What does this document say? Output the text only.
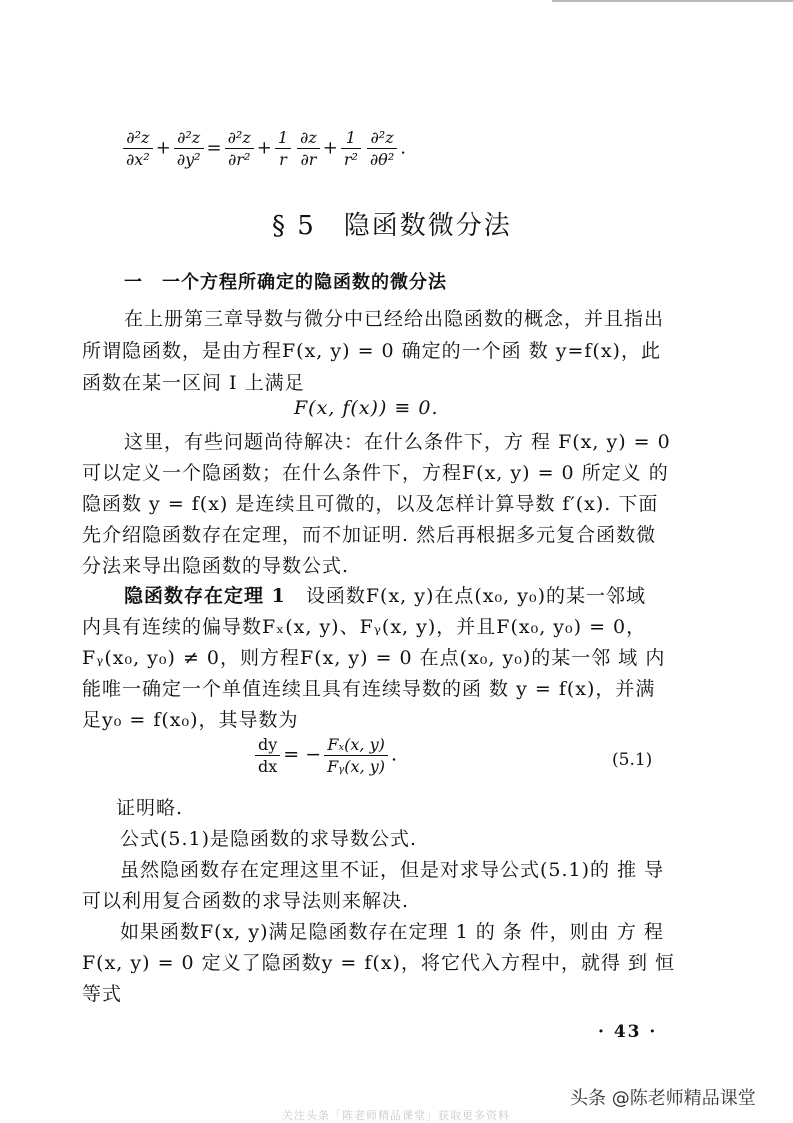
$\frac{\text{∂²z}}{\text{∂x²}} + \frac{\text{∂²z}}{\text{∂y²}} = \frac{\text{∂²z}}{\text{∂r²}} + \frac{1}{r} \frac{\partial z}{\partial r} + \frac{1}{\text{r²}} \frac{\text{∂²z}}{\text{∂θ²}}$ .
§ 5　隐函数微分法
一　一个方程所确定的隐函数的微分法
在上册第三章导数与微分中已经给出隐函数的概念，并且指出
所谓隐函数，是由方程F(x, y) = 0 确定的一个函 数 y=f(x)，此
函数在某一区间 I 上满足
F(x, f(x)) ≡ 0.
这里，有些问题尚待解决：在什么条件下，方 程 F(x, y) = 0
可以定义一个隐函数；在什么条件下，方程F(x, y) = 0 所定义 的
隐函数 y = f(x) 是连续且可微的，以及怎样计算导数 f′(x). 下面
先介绍隐函数存在定理，而不加证明. 然后再根据多元复合函数微
分法来导出隐函数的导数公式.
隐函数存在定理 1　 设函数F(x, y)在点(x₀, y₀)的某一邻域
内具有连续的偏导数Fₓ(x, y)、Fᵧ(x, y)，并且F(x₀, y₀) = 0，
Fᵧ(x₀, y₀) ≠ 0，则方程F(x, y) = 0 在点(x₀, y₀)的某一邻 域 内
能唯一确定一个单值连续且具有连续导数的函 数 y = f(x)，并满
足y₀ = f(x₀)，其导数为
$\frac{dy}{dx}$ = − $\frac{\text{Fₓ(x, y)}}{\text{Fᵧ(x, y)}}$ .	(5.1)
证明略.
公式(5.1)是隐函数的求导数公式.
虽然隐函数存在定理这里不证，但是对求导公式(5.1)的 推 导
可以利用复合函数的求导法则来解决.
如果函数F(x, y)满足隐函数存在定理 1 的 条 件，则由 方 程
F(x, y) = 0 定义了隐函数y = f(x)，将它代入方程中，就得 到 恒
等式
· 43 ·
头条 @陈老师精品课堂
关注头条「陈老师精品课堂」获取更多资料
